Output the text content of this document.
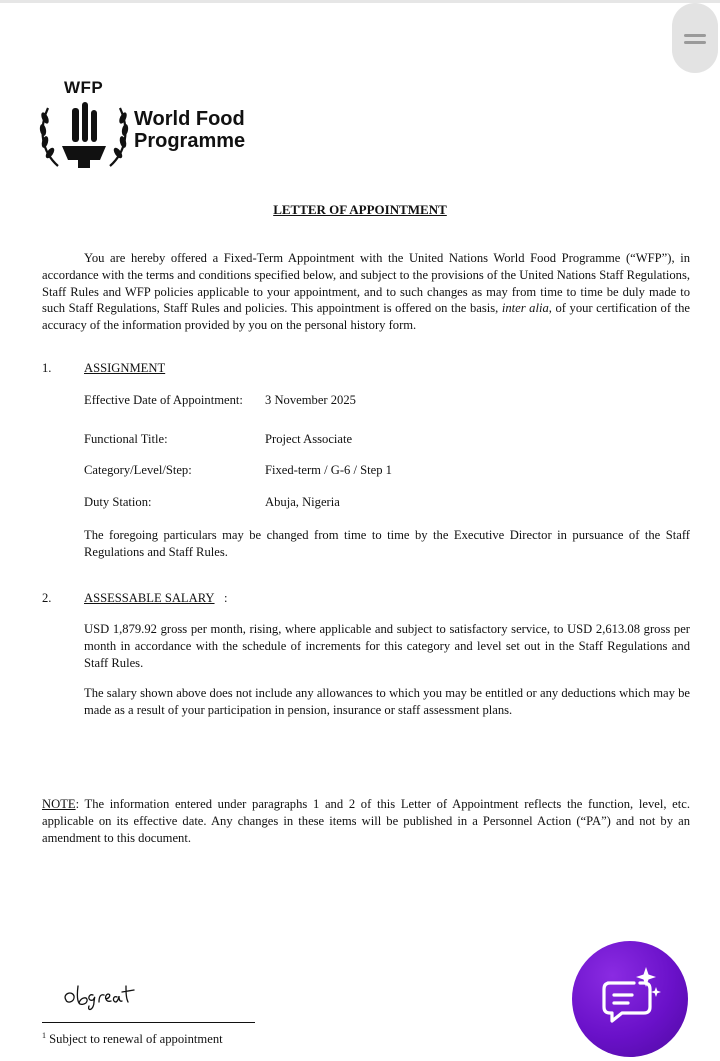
WFP
World Food
Programme
LETTER OF APPOINTMENT

You are hereby offered a Fixed-Term Appointment with the United Nations World Food Programme (“WFP”), in accordance with the terms and conditions specified below, and subject to the provisions of the United Nations Staff Regulations, Staff Rules and WFP policies applicable to your appointment, and to such changes as may from time to time be duly made to such Staff Regulations, Staff Rules and policies. This appointment is offered on the basis, inter alia, of your certification of the accuracy of the information provided by you on the personal history form.

1.	ASSIGNMENT
Effective Date of Appointment: 3 November 2025
Functional Title:	Project Associate
Category/Level/Step:	Fixed-term / G-6 / Step 1
Duty Station:	Abuja, Nigeria

The foregoing particulars may be changed from time to time by the Executive Director in pursuance of the Staff Regulations and Staff Rules.

2.	ASSESSABLE SALARY :

USD 1,879.92 gross per month, rising, where applicable and subject to satisfactory service, to USD 2,613.08 gross per month in accordance with the schedule of increments for this category and level set out in the Staff Regulations and Staff Rules.

The salary shown above does not include any allowances to which you may be entitled or any deductions which may be made as a result of your participation in pension, insurance or staff assessment plans.

NOTE: The information entered under paragraphs 1 and 2 of this Letter of Appointment reflects the function, level, etc. applicable on its effective date. Any changes in these items will be published in a Personnel Action (“PA”) and not by an amendment to this document.

$^1$ Subject to renewal of appointment
